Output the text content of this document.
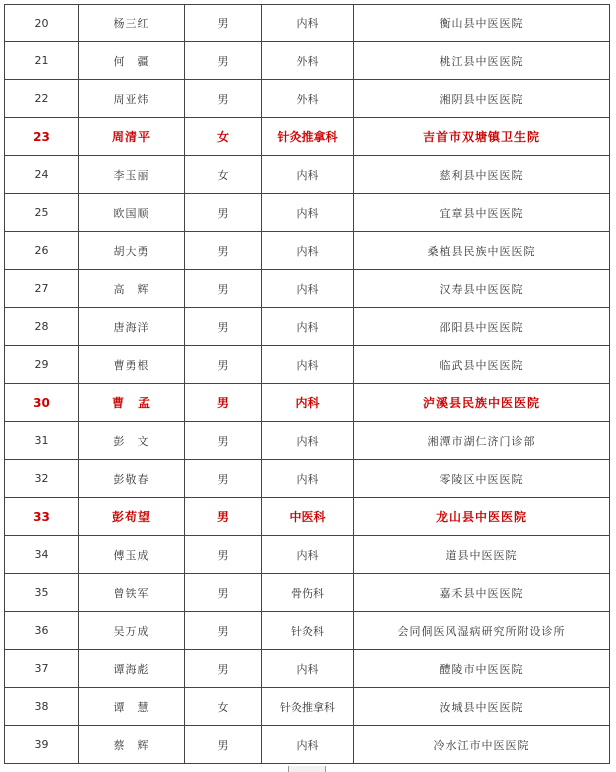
20	杨三红	男	内科	衡山县中医医院
21	何　疆	男	外科	桃江县中医医院
22	周亚炜	男	外科	湘阴县中医医院
23	周清平	女	针灸推拿科	吉首市双塘镇卫生院
24	李玉丽	女	内科	慈利县中医医院
25	欧国顺	男	内科	宜章县中医医院
26	胡大勇	男	内科	桑植县民族中医医院
27	高　辉	男	内科	汉寿县中医医院
28	唐海洋	男	内科	邵阳县中医医院
29	曹勇根	男	内科	临武县中医医院
30	曹　孟	男	内科	泸溪县民族中医医院
31	彭　文	男	内科	湘潭市湖仁济门诊部
32	彭敬春	男	内科	零陵区中医医院
33	彭苟望	男	中医科	龙山县中医医院
34	傅玉成	男	内科	道县中医医院
35	曾铁军	男	骨伤科	嘉禾县中医医院
36	吴万成	男	针灸科	会同侗医风湿病研究所附设诊所
37	谭海彪	男	内科	醴陵市中医医院
38	谭　慧	女	针灸推拿科	汝城县中医医院
39	蔡　辉	男	内科	冷水江市中医医院
